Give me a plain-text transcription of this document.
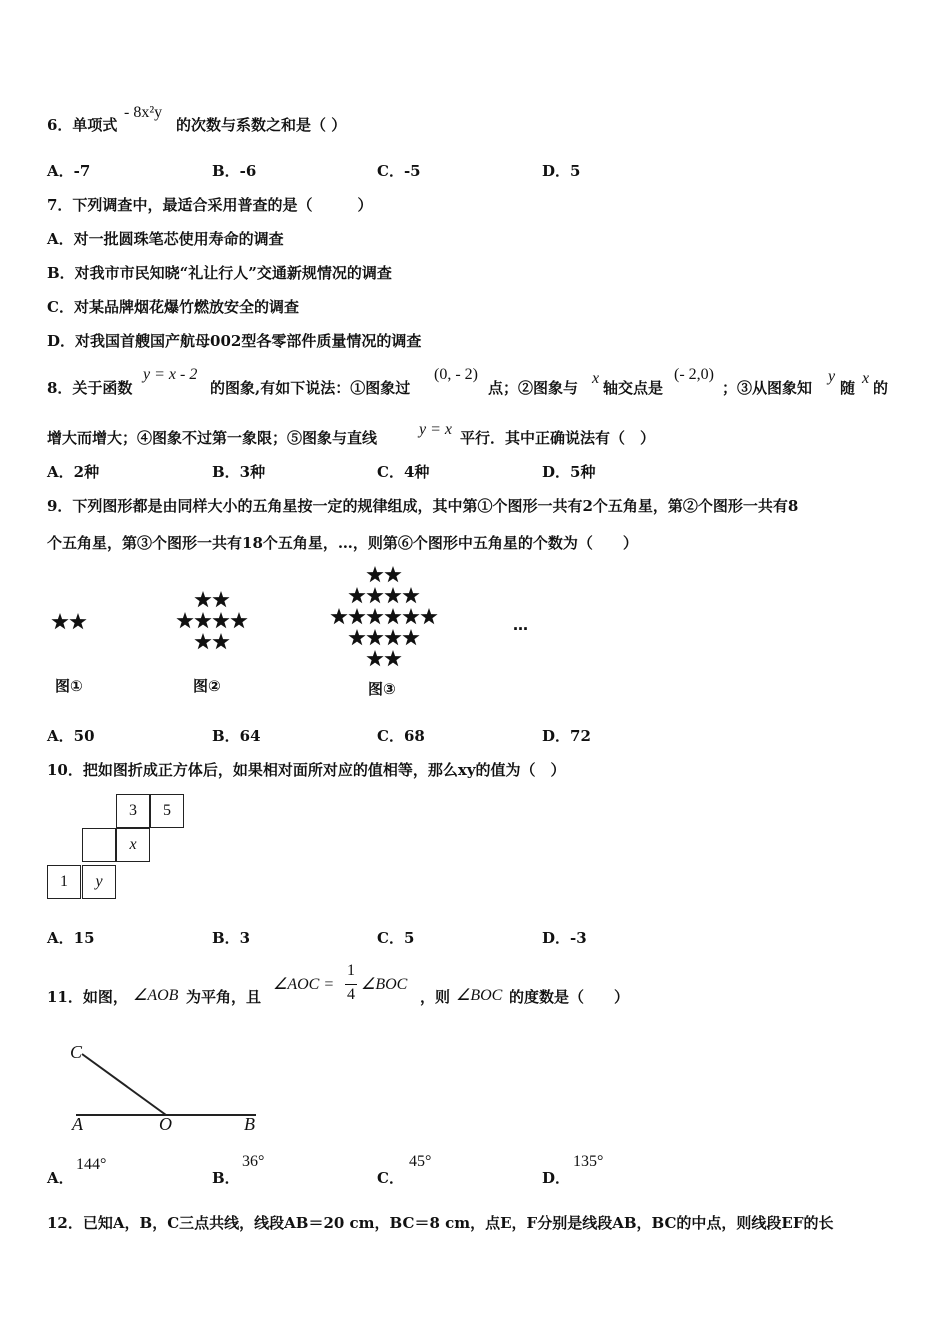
6．单项式
- 8x²y
的次数与系数之和是（ ）
A．-7	B．-6	C．-5	D．5
7．下列调查中，最适合采用普查的是（　　　）
A．对一批圆珠笔芯使用寿命的调查
B．对我市市民知晓“礼让行人”交通新规情况的调查
C．对某品牌烟花爆竹燃放安全的调查
D．对我国首艘国产航母002型各零部件质量情况的调查
8．关于函数
y = x - 2
的图象,有如下说法：①图象过
(0, - 2)
点；②图象与
x
轴交点是
(- 2,0)
；③从图象知
y
随
x
的
增大而增大；④图象不过第一象限；⑤图象与直线	y = x 平行．其中正确说法有（　）
A．2种	B．3种	C．4种	D．5种
9．下列图形都是由同样大小的五角星按一定的规律组成，其中第①个图形一共有2个五角星，第②个图形一共有8
个五角星，第③个图形一共有18个五角星，…，则第⑥个图形中五角星的个数为（　　）
图①	图②	图③
…
A．50	B．64	C．68	D．72
10．把如图折成正方体后，如果相对面所对应的值相等，那么xy的值为（　）
3	5
x
1	y
A．15	B．3	C．5	D．-3
11．如图， ∠AOB 为平角，且
∠AOC =
1
4
∠BOC
，则 ∠BOC 的度数是（　　）
C
A	O	B
A．
144°
B．
36°
C．
45°
D．
135°
12．已知A，B，C三点共线，线段AB＝20 cm，BC＝8 cm，点E，F分别是线段AB，BC的中点，则线段EF的长
